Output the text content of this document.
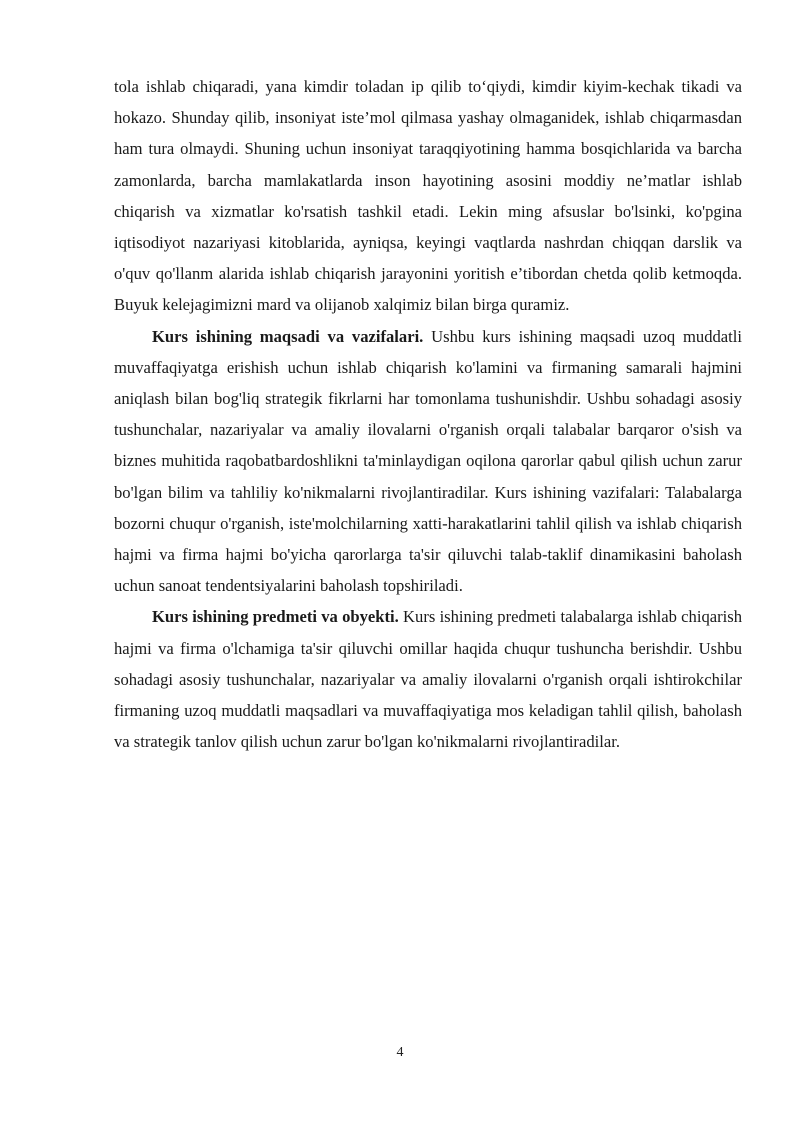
tola ishlab chiqaradi, yana kimdir toladan ip qilib to‘qiydi, kimdir kiyim-kechak tikadi va hokazo. Shunday qilib, insoniyat iste’mol qilmasa yashay olmaganidek, ishlab chiqarmasdan ham tura olmaydi. Shuning uchun insoniyat taraqqiyotining hamma bosqichlarida va barcha zamonlarda, barcha mamlakatlarda inson hayotining asosini moddiy ne’matlar ishlab chiqarish va xizmatlar ko'rsatish tashkil etadi. Lekin ming afsuslar bo'lsinki, ko'pgina iqtisodiyot nazariyasi kitoblarida, ayniqsa, keyingi vaqtlarda nashrdan chiqqan darslik va o'quv qo'llanm alarida ishlab chiqarish jarayonini yoritish e’tibordan chetda qolib ketmoqda. Buyuk kelejagimizni mard va olijanob xalqimiz bilan birga quramiz.

Kurs ishining maqsadi va vazifalari. Ushbu kurs ishining maqsadi uzoq muddatli muvaffaqiyatga erishish uchun ishlab chiqarish ko'lamini va firmaning samarali hajmini aniqlash bilan bog'liq strategik fikrlarni har tomonlama tushunishdir. Ushbu sohadagi asosiy tushunchalar, nazariyalar va amaliy ilovalarni o'rganish orqali talabalar barqaror o'sish va biznes muhitida raqobatbardoshlikni ta'minlaydigan oqilona qarorlar qabul qilish uchun zarur bo'lgan bilim va tahliliy ko'nikmalarni rivojlantiradilar. Kurs ishining vazifalari: Talabalarga bozorni chuqur o'rganish, iste'molchilarning xatti-harakatlarini tahlil qilish va ishlab chiqarish hajmi va firma hajmi bo'yicha qarorlarga ta'sir qiluvchi talab-taklif dinamikasini baholash uchun sanoat tendentsiyalarini baholash topshiriladi.

Kurs ishining predmeti va obyekti. Kurs ishining predmeti talabalarga ishlab chiqarish hajmi va firma o'lchamiga ta'sir qiluvchi omillar haqida chuqur tushuncha berishdir. Ushbu sohadagi asosiy tushunchalar, nazariyalar va amaliy ilovalarni o'rganish orqali ishtirokchilar firmaning uzoq muddatli maqsadlari va muvaffaqiyatiga mos keladigan tahlil qilish, baholash va strategik tanlov qilish uchun zarur bo'lgan ko'nikmalarni rivojlantiradilar.

4
